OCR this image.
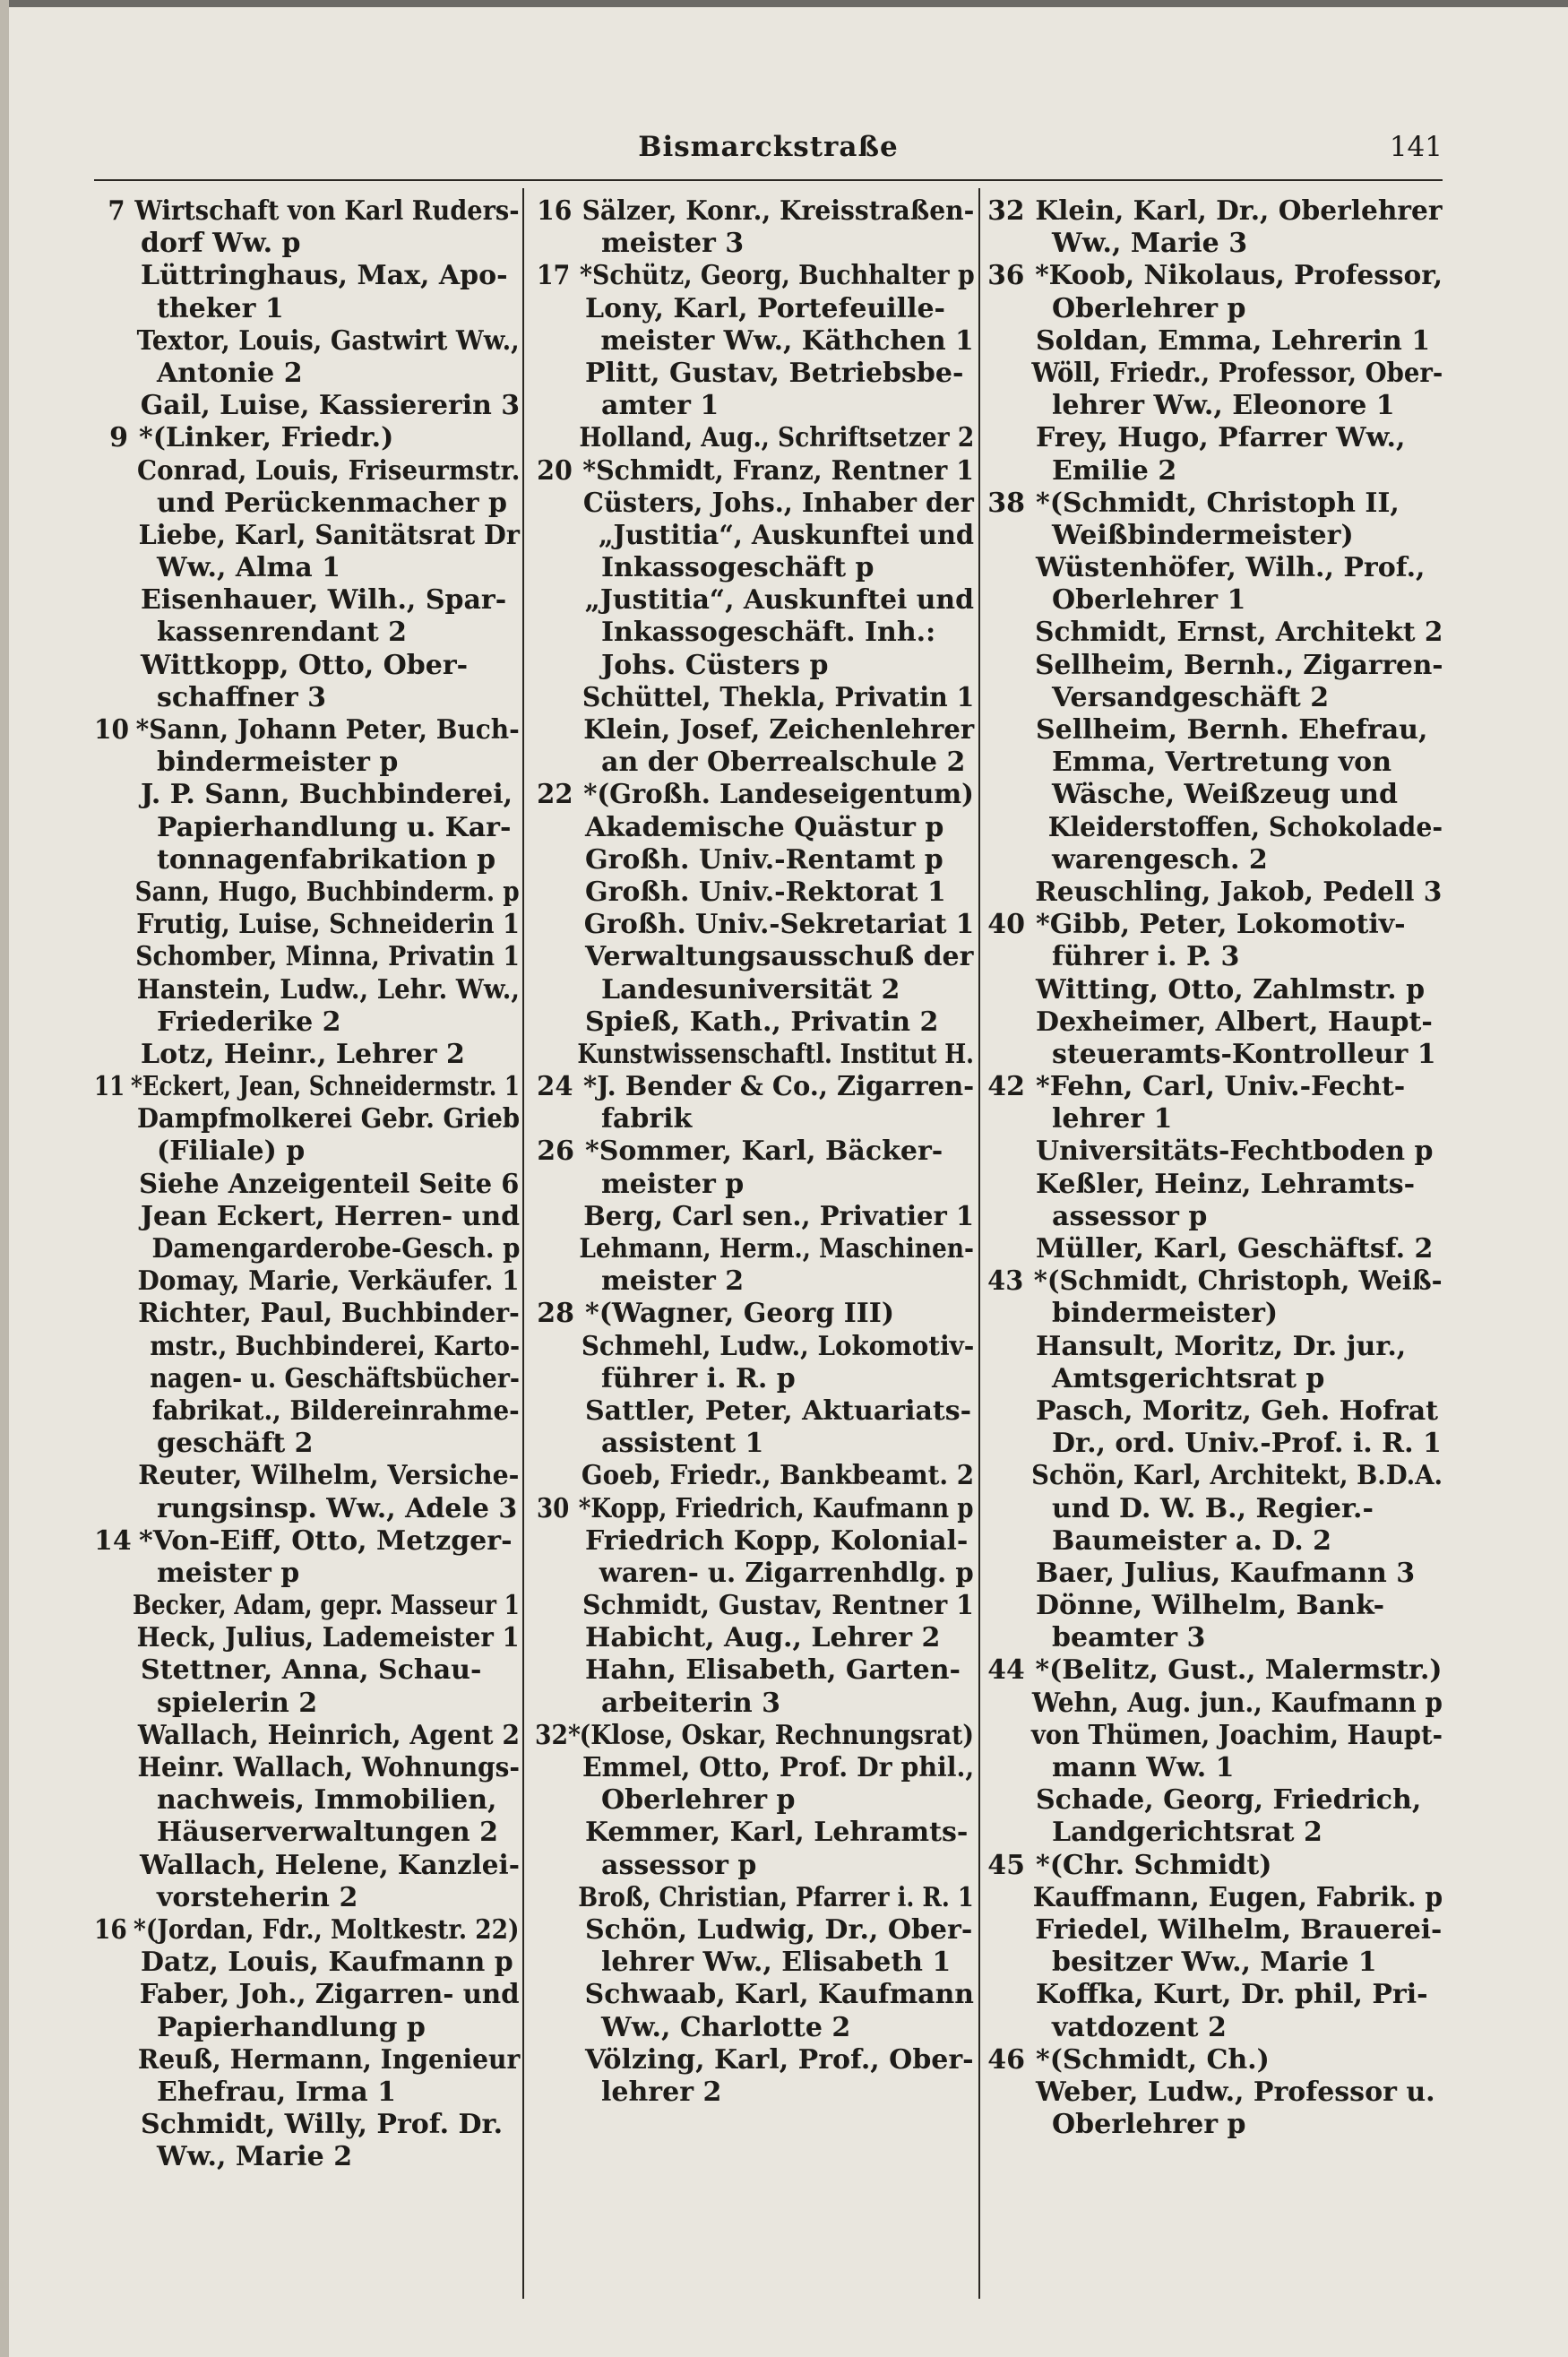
Bismarckstraße	141
7 Wirtschaft von Karl Ruders-
dorf Ww. p
Lüttringhaus, Max, Apo-
theker 1
Textor, Louis, Gastwirt Ww.,
Antonie 2
Gail, Luise, Kassiererin 3
9 *(Linker, Friedr.)
Conrad, Louis, Friseurmstr.
und Perückenmacher p
Liebe, Karl, Sanitätsrat Dr
Ww., Alma 1
Eisenhauer, Wilh., Spar-
kassenrendant 2
Wittkopp, Otto, Ober-
schaffner 3
10 *Sann, Johann Peter, Buch-
bindermeister p
J. P. Sann, Buchbinderei,
Papierhandlung u. Kar-
tonnagenfabrikation p
Sann, Hugo, Buchbinderm. p
Frutig, Luise, Schneiderin 1
Schomber, Minna, Privatin 1
Hanstein, Ludw., Lehr. Ww.,
Friederike 2
Lotz, Heinr., Lehrer 2
11 *Eckert, Jean, Schneidermstr. 1
Dampfmolkerei Gebr. Grieb
(Filiale) p
Siehe Anzeigenteil Seite 6
Jean Eckert, Herren- und
Damengarderobe-Gesch. p
Domay, Marie, Verkäufer. 1
Richter, Paul, Buchbinder-
mstr., Buchbinderei, Karto-
nagen- u. Geschäftsbücher-
fabrikat., Bildereinrahme-
geschäft 2
Reuter, Wilhelm, Versiche-
rungsinsp. Ww., Adele 3
14 *Von-Eiff, Otto, Metzger-
meister p
Becker, Adam, gepr. Masseur 1
Heck, Julius, Lademeister 1
Stettner, Anna, Schau-
spielerin 2
Wallach, Heinrich, Agent 2
Heinr. Wallach, Wohnungs-
nachweis, Immobilien,
Häuserverwaltungen 2
Wallach, Helene, Kanzlei-
vorsteherin 2
16 *(Jordan, Fdr., Moltkestr. 22)
Datz, Louis, Kaufmann p
Faber, Joh., Zigarren- und
Papierhandlung p
Reuß, Hermann, Ingenieur
Ehefrau, Irma 1
Schmidt, Willy, Prof. Dr.
Ww., Marie 2
16 Sälzer, Konr., Kreisstraßen-
meister 3
17 *Schütz, Georg, Buchhalter p
Lony, Karl, Portefeuille-
meister Ww., Käthchen 1
Plitt, Gustav, Betriebsbe-
amter 1
Holland, Aug., Schriftsetzer 2
20 *Schmidt, Franz, Rentner 1
Cüsters, Johs., Inhaber der
„Justitia“, Auskunftei und
Inkassogeschäft p
„Justitia“, Auskunftei und
Inkassogeschäft. Inh.:
Johs. Cüsters p
Schüttel, Thekla, Privatin 1
Klein, Josef, Zeichenlehrer
an der Oberrealschule 2
22 *(Großh. Landeseigentum)
Akademische Quästur p
Großh. Univ.-Rentamt p
Großh. Univ.-Rektorat 1
Großh. Univ.-Sekretariat 1
Verwaltungsausschuß der
Landesuniversität 2
Spieß, Kath., Privatin 2
Kunstwissenschaftl. Institut H.
24 *J. Bender & Co., Zigarren-
fabrik
26 *Sommer, Karl, Bäcker-
meister p
Berg, Carl sen., Privatier 1
Lehmann, Herm., Maschinen-
meister 2
28 *(Wagner, Georg III)
Schmehl, Ludw., Lokomotiv-
führer i. R. p
Sattler, Peter, Aktuariats-
assistent 1
Goeb, Friedr., Bankbeamt. 2
30 *Kopp, Friedrich, Kaufmann p
Friedrich Kopp, Kolonial-
waren- u. Zigarrenhdlg. p
Schmidt, Gustav, Rentner 1
Habicht, Aug., Lehrer 2
Hahn, Elisabeth, Garten-
arbeiterin 3
32*(Klose, Oskar, Rechnungsrat)
Emmel, Otto, Prof. Dr phil.,
Oberlehrer p
Kemmer, Karl, Lehramts-
assessor p
Broß, Christian, Pfarrer i. R. 1
Schön, Ludwig, Dr., Ober-
lehrer Ww., Elisabeth 1
Schwaab, Karl, Kaufmann
Ww., Charlotte 2
Völzing, Karl, Prof., Ober-
lehrer 2
32 Klein, Karl, Dr., Oberlehrer
Ww., Marie 3
36 *Koob, Nikolaus, Professor,
Oberlehrer p
Soldan, Emma, Lehrerin 1
Wöll, Friedr., Professor, Ober-
lehrer Ww., Eleonore 1
Frey, Hugo, Pfarrer Ww.,
Emilie 2
38 *(Schmidt, Christoph II,
Weißbindermeister)
Wüstenhöfer, Wilh., Prof.,
Oberlehrer 1
Schmidt, Ernst, Architekt 2
Sellheim, Bernh., Zigarren-
Versandgeschäft 2
Sellheim, Bernh. Ehefrau,
Emma, Vertretung von
Wäsche, Weißzeug und
Kleiderstoffen, Schokolade-
warengesch. 2
Reuschling, Jakob, Pedell 3
40 *Gibb, Peter, Lokomotiv-
führer i. P. 3
Witting, Otto, Zahlmstr. p
Dexheimer, Albert, Haupt-
steueramts-Kontrolleur 1
42 *Fehn, Carl, Univ.-Fecht-
lehrer 1
Universitäts-Fechtboden p
Keßler, Heinz, Lehramts-
assessor p
Müller, Karl, Geschäftsf. 2
43 *(Schmidt, Christoph, Weiß-
bindermeister)
Hansult, Moritz, Dr. jur.,
Amtsgerichtsrat p
Pasch, Moritz, Geh. Hofrat
Dr., ord. Univ.-Prof. i. R. 1
Schön, Karl, Architekt, B.D.A.
und D. W. B., Regier.-
Baumeister a. D. 2
Baer, Julius, Kaufmann 3
Dönne, Wilhelm, Bank-
beamter 3
44 *(Belitz, Gust., Malermstr.)
Wehn, Aug. jun., Kaufmann p
von Thümen, Joachim, Haupt-
mann Ww. 1
Schade, Georg, Friedrich,
Landgerichtsrat 2
45 *(Chr. Schmidt)
Kauffmann, Eugen, Fabrik. p
Friedel, Wilhelm, Brauerei-
besitzer Ww., Marie 1
Koffka, Kurt, Dr. phil, Pri-
vatdozent 2
46 *(Schmidt, Ch.)
Weber, Ludw., Professor u.
Oberlehrer p
